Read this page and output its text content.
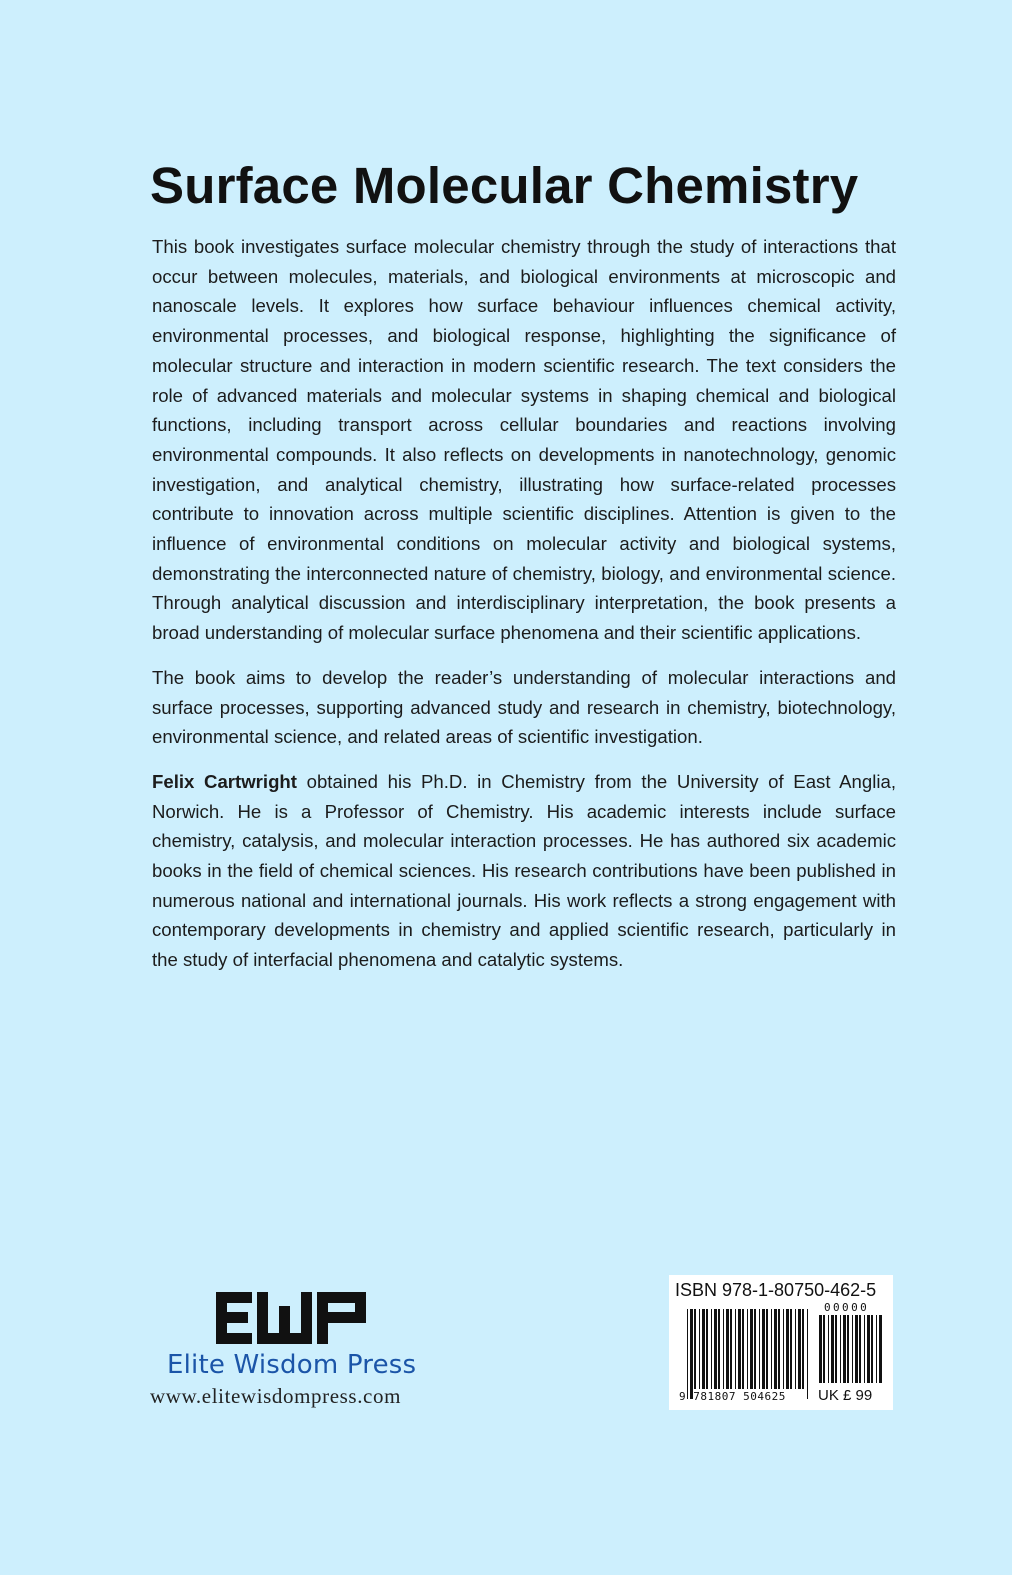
Surface Molecular Chemistry

This book investigates surface molecular chemistry through the study of interactions that occur between molecules, materials, and biological environments at microscopic and nanoscale levels. It explores how surface behaviour influences chemical activity, environmental processes, and biological response, highlighting the significance of molecular structure and interaction in modern scientific research. The text considers the role of advanced materials and molecular systems in shaping chemical and biological functions, including transport across cellular boundaries and reactions involving environmental compounds. It also reflects on developments in nanotechnology, genomic investigation, and analytical chemistry, illustrating how surface-related processes contribute to innovation across multiple scientific disciplines. Attention is given to the influence of environmental conditions on molecular activity and biological systems, demonstrating the interconnected nature of chemistry, biology, and environmental science. Through analytical discussion and interdisciplinary interpretation, the book presents a broad understanding of molecular surface phenomena and their scientific applications.

The book aims to develop the reader’s understanding of molecular interactions and surface processes, supporting advanced study and research in chemistry, biotechnology, environmental science, and related areas of scientific investigation.

Felix Cartwright obtained his Ph.D. in Chemistry from the University of East Anglia, Norwich. He is a Professor of Chemistry. His academic interests include surface chemistry, catalysis, and molecular interaction processes. He has authored six academic books in the field of chemical sciences. His research contributions have been published in numerous national and international journals. His work reflects a strong engagement with contemporary developments in chemistry and applied scientific research, particularly in the study of interfacial phenomena and catalytic systems.

Elite Wisdom Press
www.elitewisdompress.com
ISBN 978-1-80750-462-5
00000
9 781807 504625 UK £ 99
